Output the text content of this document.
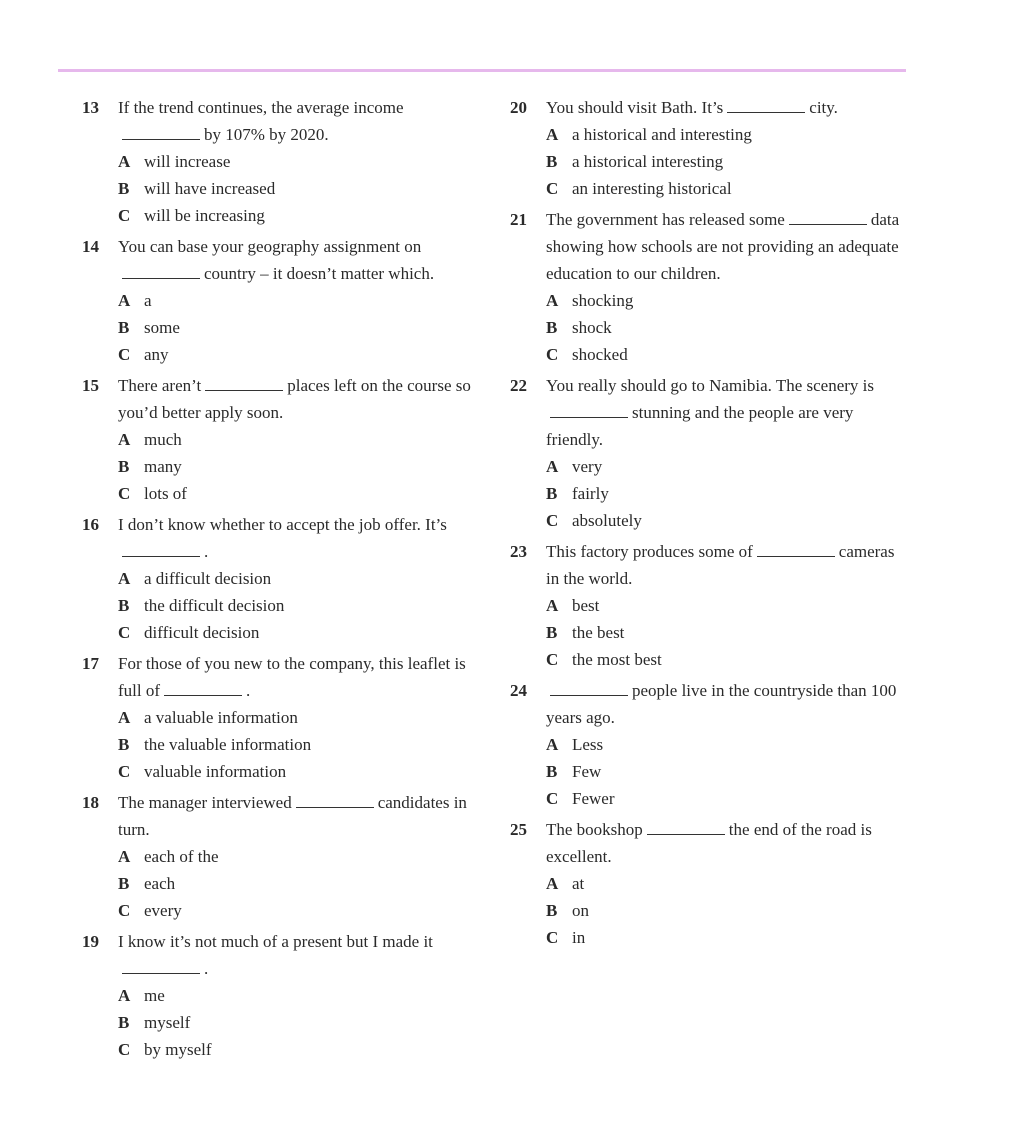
13 If the trend continues, the average incomeby 107% by 2020.
A will increase
B will have increased
C will be increasing
14 You can base your geography assignment oncountry – it doesn’t matter which.
A a
B some
C any
15 There aren’t	places left on the course so you’d better apply soon.
A much
B many
C lots of
16 I don’t know whether to accept the job offer. It’s.
A a difficult decision
B the difficult decision
C difficult decision
17 For those of you new to the company, this leaflet is full of	.
A a valuable information
B the valuable information
C valuable information
18 The manager interviewed	candidates in turn.
A each of the
B each
C every
19 I know it’s not much of a present but I made it.
A me
B myself
C by myself
20 You should visit Bath. It’s	city.
A a historical and interesting
B a historical interesting
C an interesting historical
21 The government has released some	data showing how schools are not providing an adequate education to our children.
A shocking
B shock
C shocked
22 You really should go to Namibia. The scenery isstunning and the people are very friendly.
A very
B fairly
C absolutely
23 This factory produces some of	cameras in the world.
A best
B the best
C the most best
24	people live in the countryside than 100 years ago.
A Less
B Few
C Fewer
25 The bookshop	the end of the road is excellent.
A at
B on
C in
